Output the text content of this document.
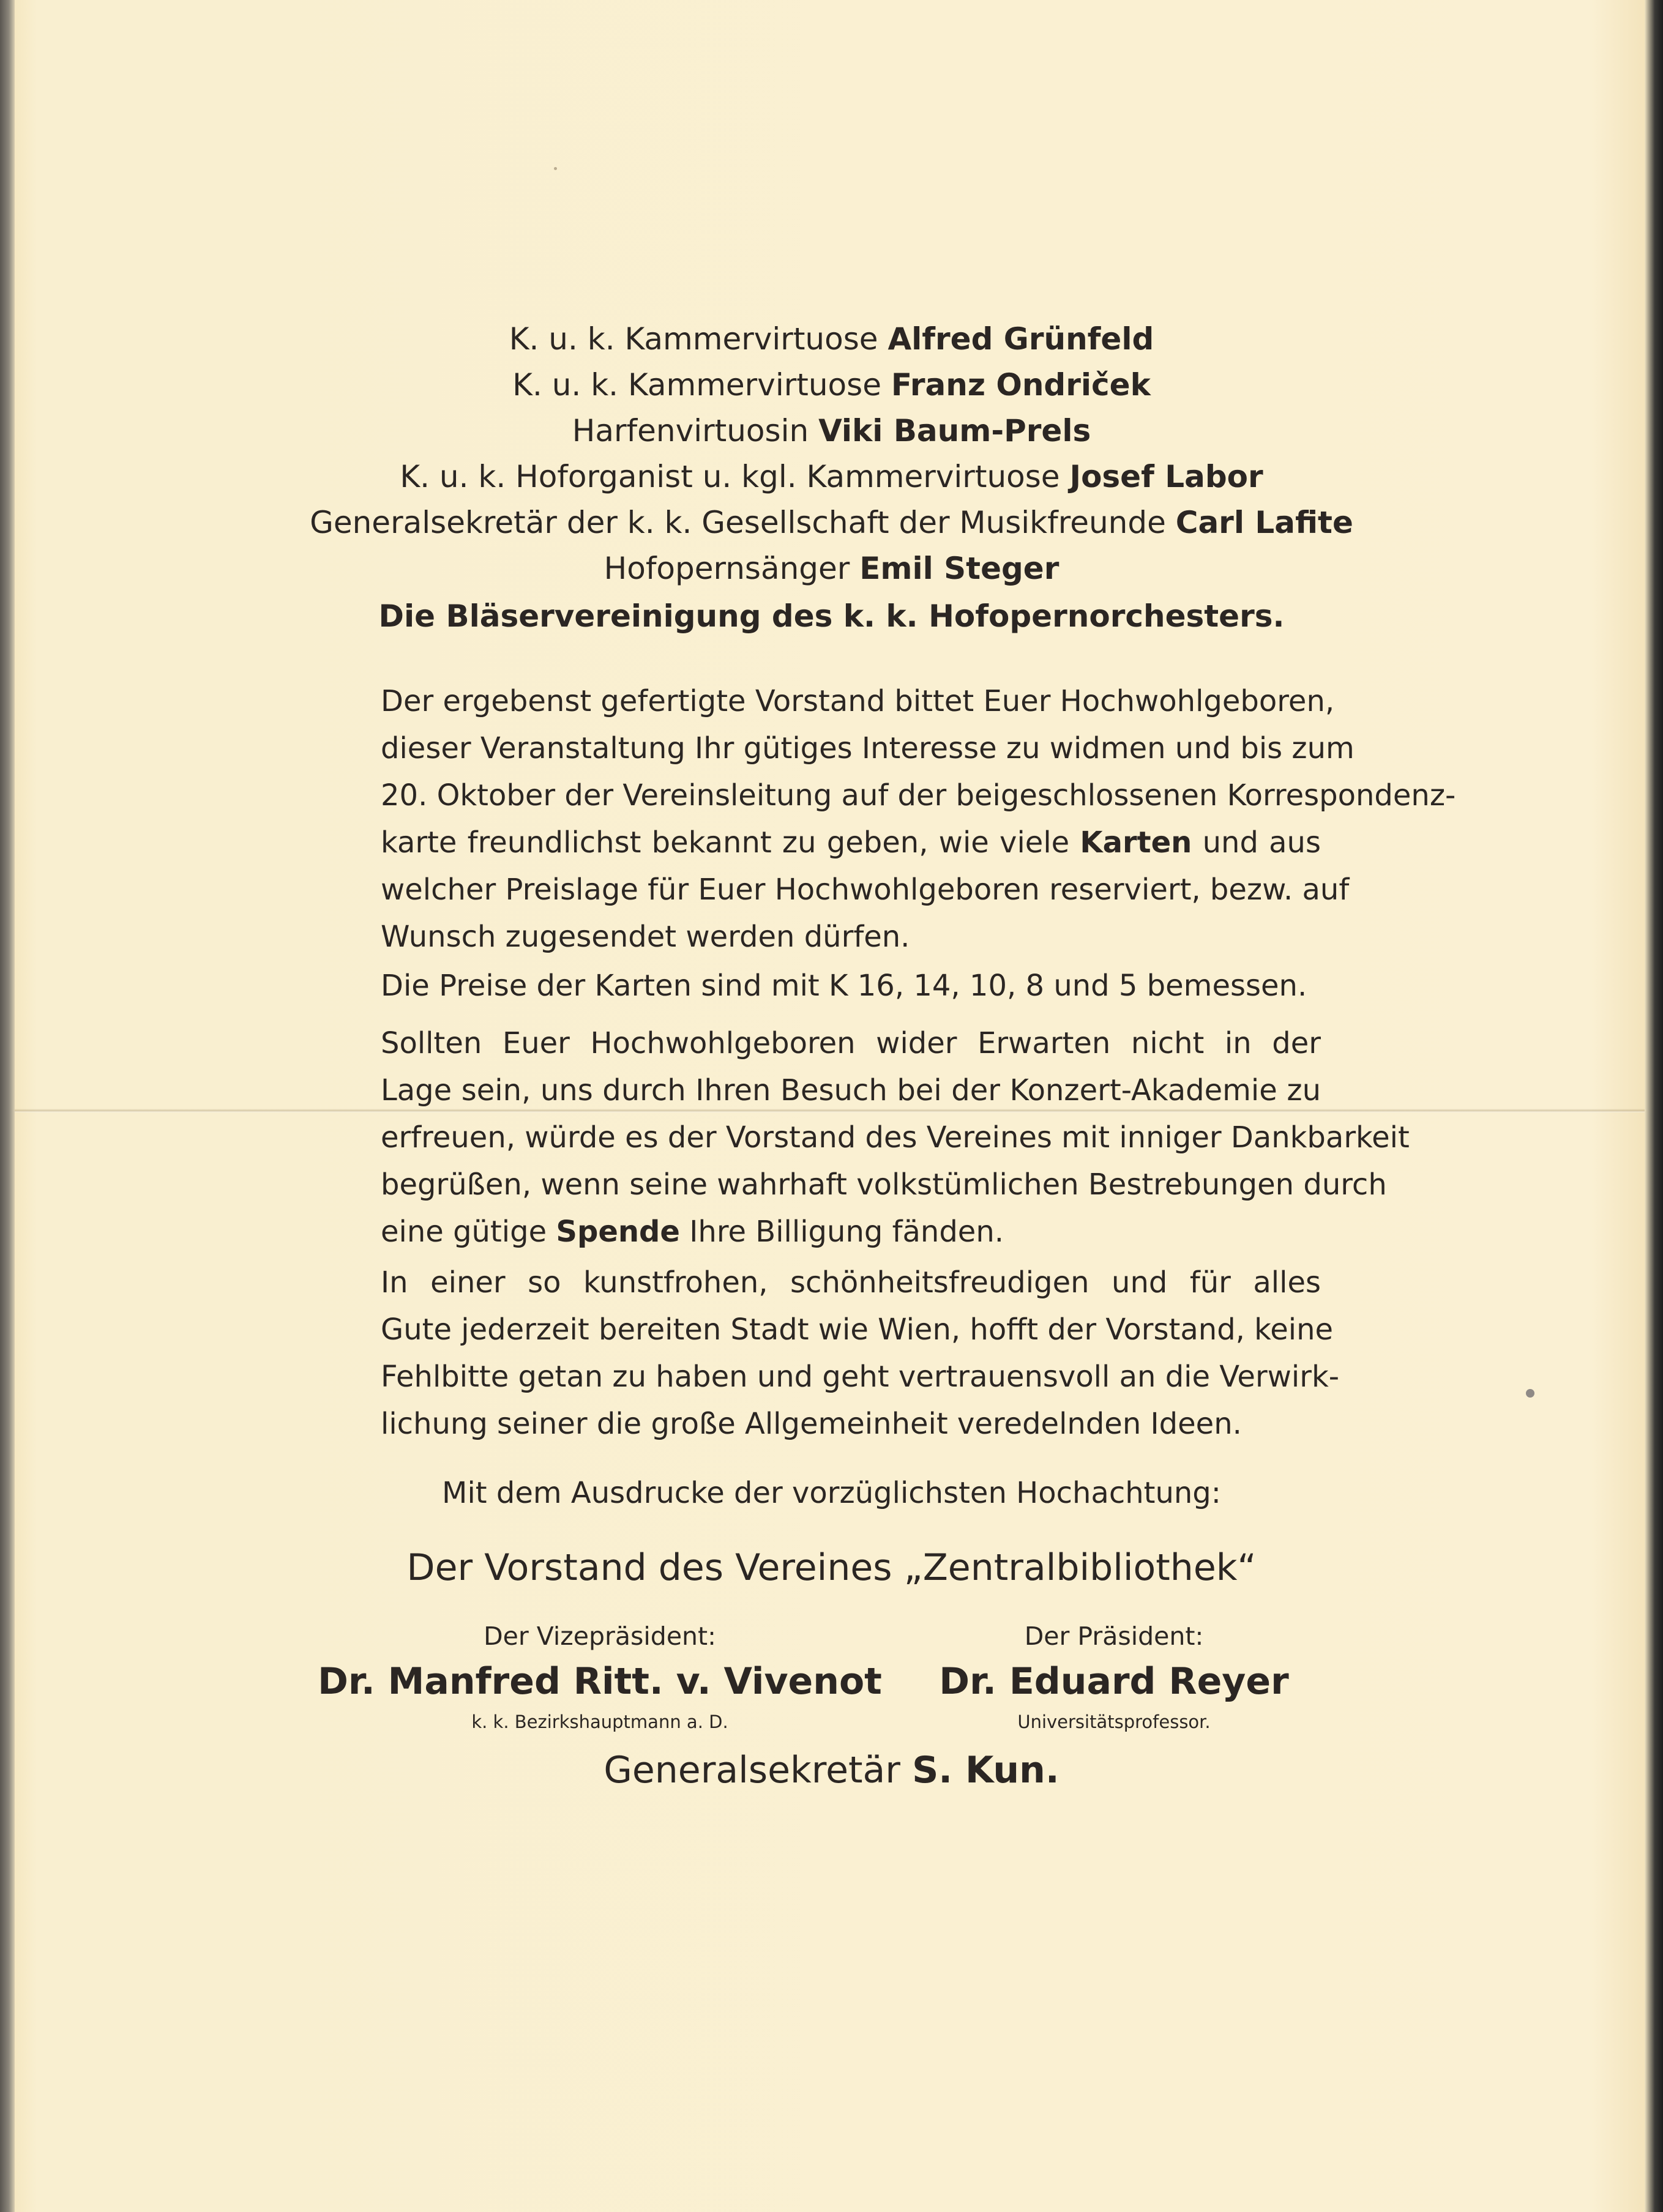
K. u. k. Kammervirtuose Alfred Grünfeld
K. u. k. Kammervirtuose Franz Ondriček
Harfenvirtuosin Viki Baum-Prels
K. u. k. Hoforganist u. kgl. Kammervirtuose Josef Labor
Generalsekretär der k. k. Gesellschaft der Musikfreunde Carl Lafite
Hofopernsänger Emil Steger
Die Bläservereinigung des k. k. Hofopernorchesters.
Der ergebenst gefertigte Vorstand bittet Euer Hochwohlgeboren,
dieser Veranstaltung Ihr gütiges Interesse zu widmen und bis zum
20. Oktober der Vereinsleitung auf der beigeschlossenen Korrespondenz-
karte freundlichst bekannt zu geben, wie viele Karten und aus
welcher Preislage für Euer Hochwohlgeboren reserviert, bezw. auf
Wunsch zugesendet werden dürfen.
Die Preise der Karten sind mit K 16, 14, 10, 8 und 5 bemessen.
Sollten Euer Hochwohlgeboren wider Erwarten nicht in der
Lage sein, uns durch Ihren Besuch bei der Konzert-Akademie zu
erfreuen, würde es der Vorstand des Vereines mit inniger Dankbarkeit
begrüßen, wenn seine wahrhaft volkstümlichen Bestrebungen durch
eine gütige Spende Ihre Billigung fänden.
In einer so kunstfrohen, schönheitsfreudigen und für alles
Gute jederzeit bereiten Stadt wie Wien, hofft der Vorstand, keine
Fehlbitte getan zu haben und geht vertrauensvoll an die Verwirk-
lichung seiner die große Allgemeinheit veredelnden Ideen.
Mit dem Ausdrucke der vorzüglichsten Hochachtung:
Der Vorstand des Vereines „Zentralbibliothek“
Der Vizepräsident:
Dr. Manfred Ritt. v. Vivenot
k. k. Bezirkshauptmann a. D.
Der Präsident:
Dr. Eduard Reyer
Universitätsprofessor.
Generalsekretär S. Kun.
